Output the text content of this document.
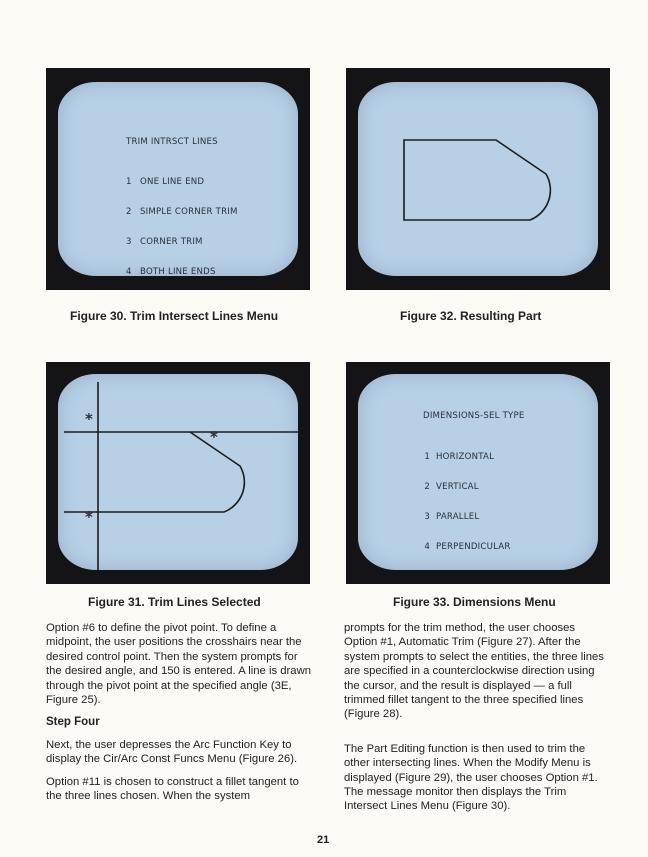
TRIM INTRSCT LINES

1 ONE LINE END

2 SIMPLE CORNER TRIM

3 CORNER TRIM

4 BOTH LINE ENDS

Figure 30. Trim Intersect Lines Menu	Figure 32. Resulting Part
*
*
*
Figure 31. Trim Lines Selected
DIMENSIONS-SEL TYPE

1 HORIZONTAL

2 VERTICAL

3 PARALLEL

4 PERPENDICULAR

Figure 33. Dimensions Menu

Option #6 to define the pivot point. To define a midpoint, the user positions the crosshairs near the desired control point. Then the system prompts for the desired angle, and 150 is entered. A line is drawn through the pivot point at the specified angle (3E, Figure 25).

Step Four

Next, the user depresses the Arc Function Key to display the Cir/Arc Const Funcs Menu (Figure 26).

Option #11 is chosen to construct a fillet tangent to the three lines chosen. When the system

prompts for the trim method, the user chooses Option #1, Automatic Trim (Figure 27). After the system prompts to select the entities, the three lines are specified in a counterclockwise direction using the cursor, and the result is displayed — a full trimmed fillet tangent to the three specified lines (Figure 28).

The Part Editing function is then used to trim the other intersecting lines. When the Modify Menu is displayed (Figure 29), the user chooses Option #1. The message monitor then displays the Trim Intersect Lines Menu (Figure 30).

21
